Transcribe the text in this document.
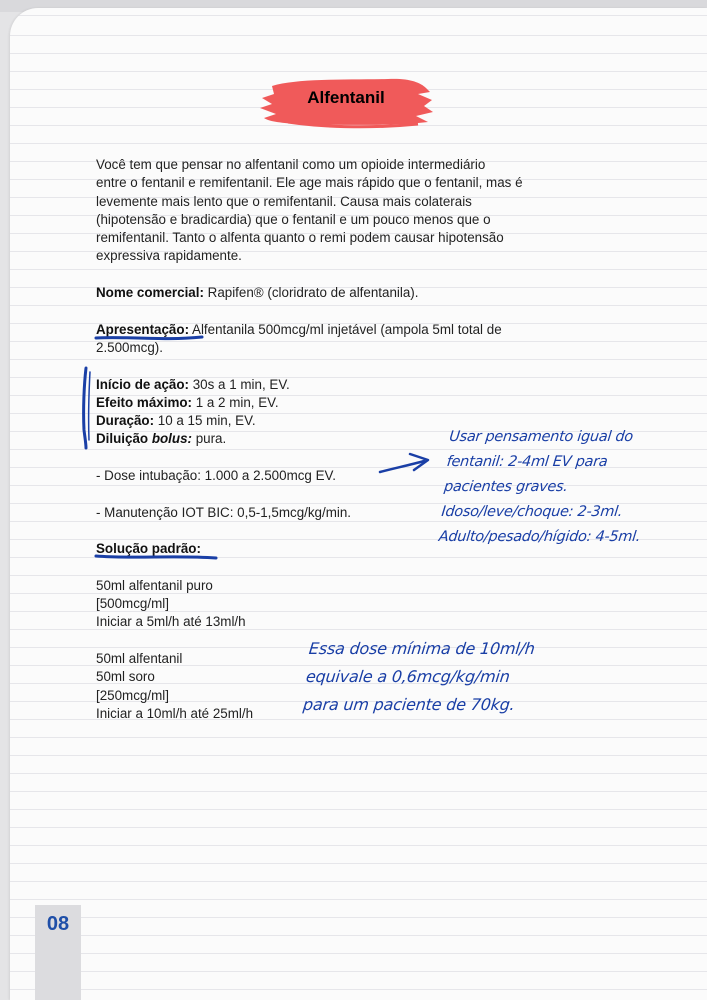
Alfentanil

Você tem que pensar no alfentanil como um opioide intermediário

entre o fentanil e remifentanil. Ele age mais rápido que o fentanil, mas é

levemente mais lento que o remifentanil. Causa mais colaterais

(hipotensão e bradicardia) que o fentanil e um pouco menos que o

remifentanil. Tanto o alfenta quanto o remi podem causar hipotensão

expressiva rapidamente.

Nome comercial: Rapifen® (cloridrato de alfentanila).

Apresentação:
Alfentanila 500mcg/ml injetável (ampola 5ml total de

2.500mcg).

Início de ação: 30s a 1 min, EV.

Efeito máximo: 1 a 2 min, EV.

Duração: 10 a 15 min, EV.

Diluição bolus: pura.

- Dose intubação: 1.000 a 2.500mcg EV.

- Manutenção IOT BIC: 0,5-1,5mcg/kg/min.

Solução padrão:

50ml alfentanil puro

[500mcg/ml]

Iniciar a 5ml/h até 13ml/h

50ml alfentanil

50ml soro

[250mcg/ml]

Iniciar a 10ml/h até 25ml/h

Usar pensamento igual do
fentanil: 2-4ml EV para
pacientes graves.
Idoso/leve/choque: 2-3ml.
Adulto/pesado/hígido: 4-5ml.
Essa dose mínima de 10ml/h
equivale a 0,6mcg/kg/min
para um paciente de 70kg.
08
